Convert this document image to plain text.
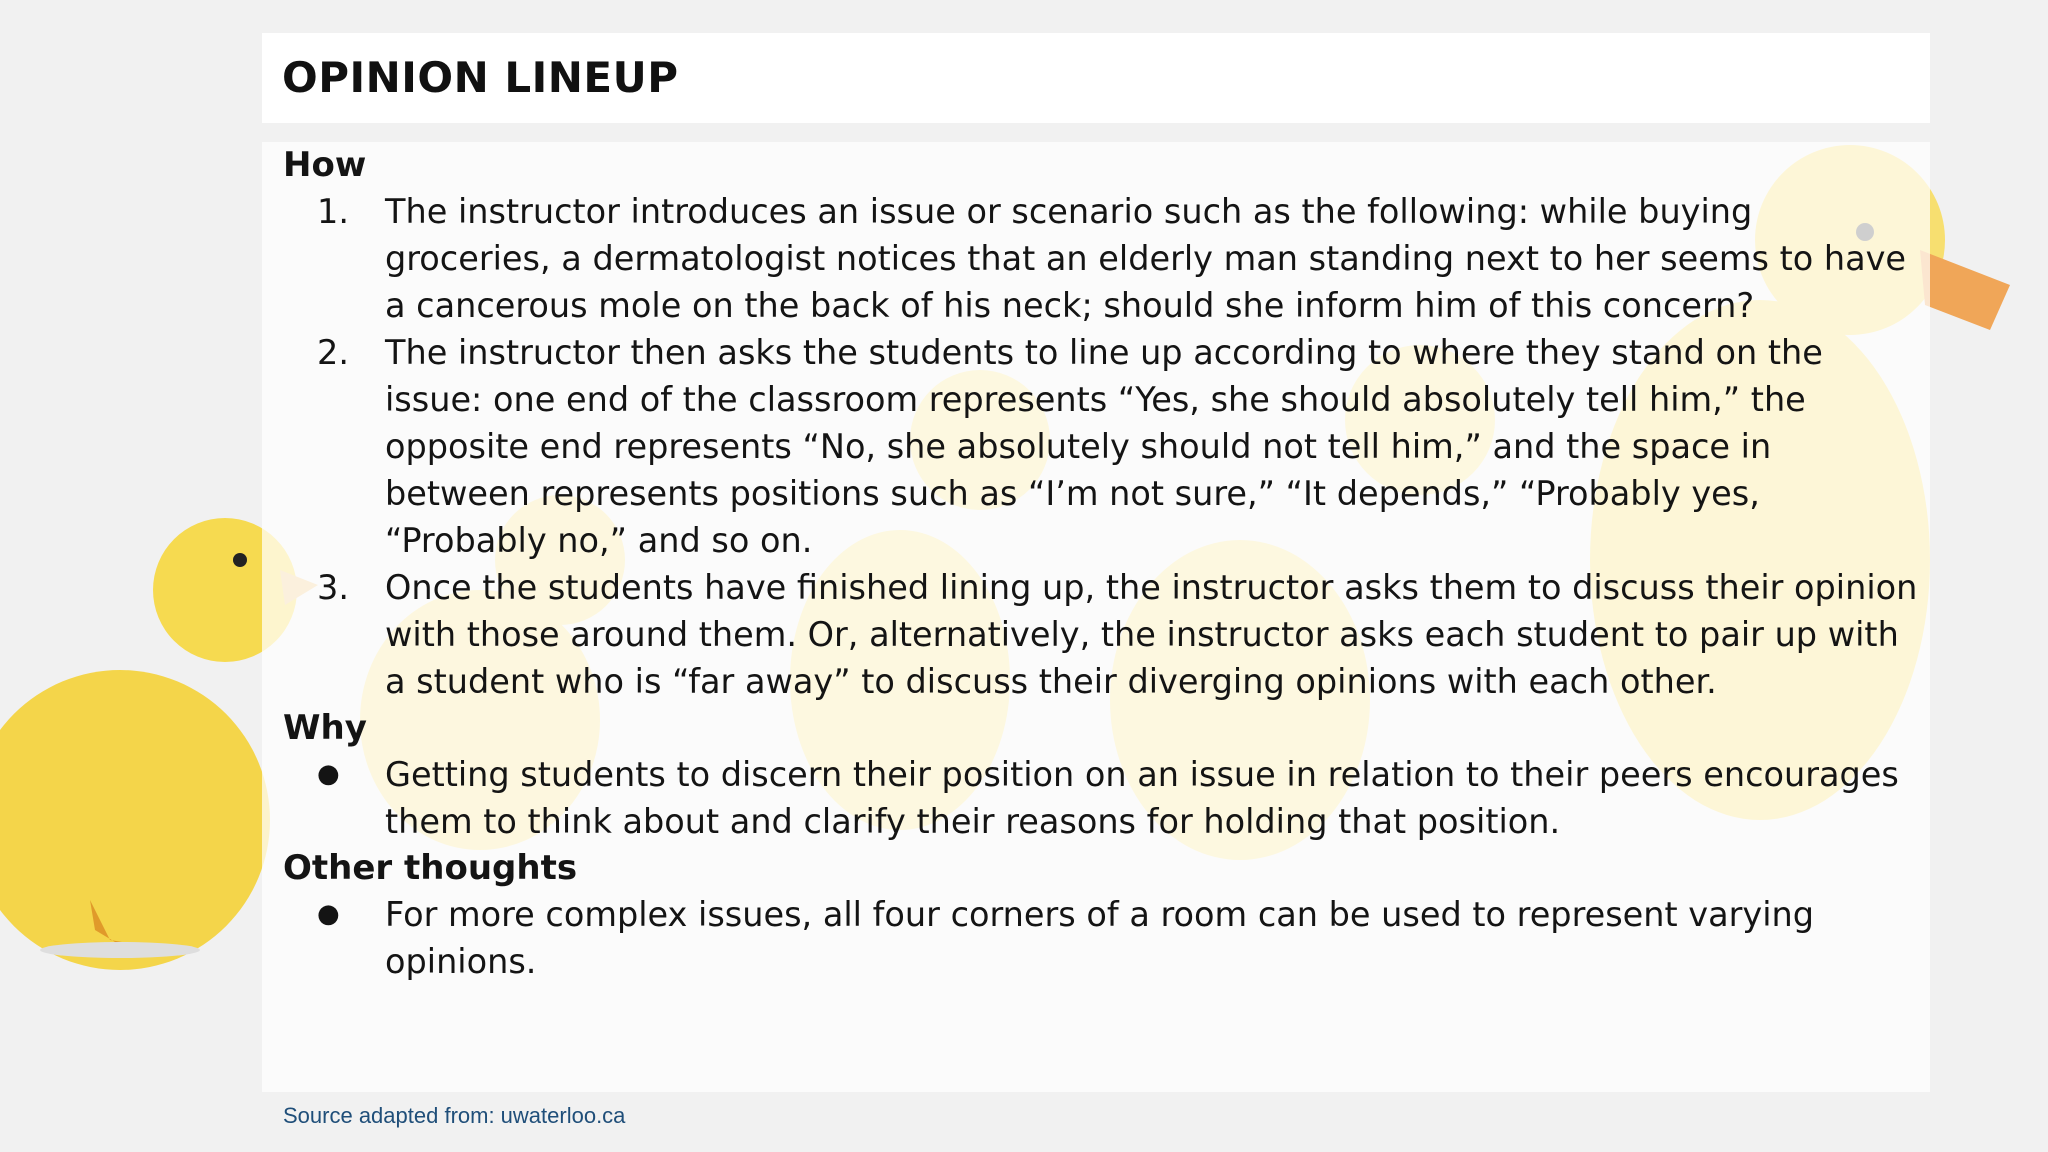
OPINION LINEUP
How
1. The instructor introduces an issue or scenario such as the following: while buying groceries, a dermatologist notices that an elderly man standing next to her seems to have a cancerous mole on the back of his neck; should she inform him of this concern?
2. The instructor then asks the students to line up according to where they stand on the issue: one end of the classroom represents “Yes, she should absolutely tell him,” the opposite end represents “No, she absolutely should not tell him,” and the space in between represents positions such as “I’m not sure,” “It depends,” “Probably yes, “Probably no,” and so on.
3. Once the students have finished lining up, the instructor asks them to discuss their opinion with those around them. Or, alternatively, the instructor asks each student to pair up with a student who is “far away” to discuss their diverging opinions with each other.
Why
● Getting students to discern their position on an issue in relation to their peers encourages them to think about and clarify their reasons for holding that position.
Other thoughts
● For more complex issues, all four corners of a room can be used to represent varying opinions.
Source adapted from: uwaterloo.ca
